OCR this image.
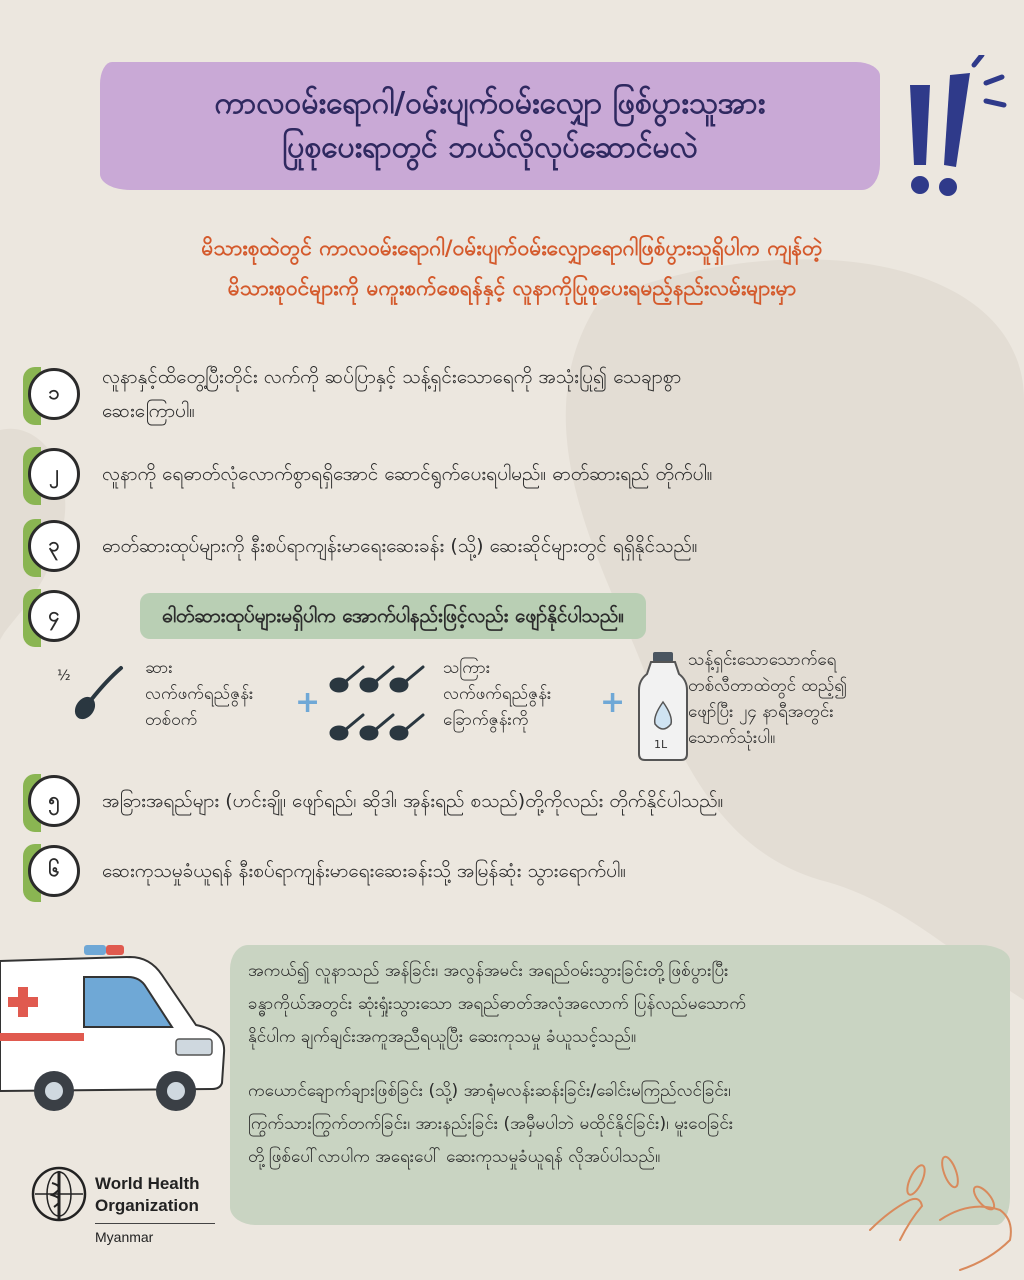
ကာလဝမ်းရောဂါ/ဝမ်းပျက်ဝမ်းလျှော ဖြစ်ပွားသူအား
ပြုစုပေးရာတွင် ဘယ်လိုလုပ်ဆောင်မလဲ

မိသားစုထဲတွင် ကာလဝမ်းရောဂါ/ဝမ်းပျက်ဝမ်းလျှောရောဂါဖြစ်ပွားသူရှိပါက ကျန်တဲ့
မိသားစုဝင်များကို မကူးစက်စေရန်နှင့် လူနာကိုပြုစုပေးရမည့်နည်းလမ်းများမှာ

၁
လူနာနှင့်ထိတွေ့ပြီးတိုင်း လက်ကို ဆပ်ပြာနှင့် သန့်ရှင်းသောရေကို အသုံးပြု၍ သေချာစွာ
ဆေးကြောပါ။
၂	လူနာကို ရေဓာတ်လုံလောက်စွာရရှိအောင် ဆောင်ရွက်ပေးရပါမည်။ ဓာတ်ဆားရည် တိုက်ပါ။
၃	ဓာတ်ဆားထုပ်များကို နီးစပ်ရာကျန်းမာရေးဆေးခန်း (သို့) ဆေးဆိုင်များတွင် ရရှိနိုင်သည်။
၄	ဓါတ်ဆားထုပ်များမရှိပါက အောက်ပါနည်းဖြင့်လည်း ဖျော်နိုင်ပါသည်။
½	ဆား
လက်ဖက်ရည်ဇွန်း
တစ်ဝက်	+
သကြား
လက်ဖက်ရည်ဇွန်း
ခြောက်ဇွန်းကို	+
1L
သန့်ရှင်းသောသောက်ရေ
တစ်လီတာထဲတွင် ထည့်၍
ဖျော်ပြီး ၂၄ နာရီအတွင်း
သောက်သုံးပါ။
၅	အခြားအရည်များ (ဟင်းချို၊ ဖျော်ရည်၊ ဆိုဒါ၊ အုန်းရည် စသည်)တို့ကိုလည်း တိုက်နိုင်ပါသည်။
၆	ဆေးကုသမှုခံယူရန် နီးစပ်ရာကျန်းမာရေးဆေးခန်းသို့ အမြန်ဆုံး သွားရောက်ပါ။

အကယ်၍ လူနာသည် အန်ခြင်း၊ အလွန်အမင်း အရည်ဝမ်းသွားခြင်းတို့ဖြစ်ပွားပြီး
ခန္ဓာကိုယ်အတွင်း ဆုံးရှုံးသွားသော အရည်ဓာတ်အလုံအလောက် ပြန်လည်မသောက်
နိုင်ပါက ချက်ချင်းအကူအညီရယူပြီး ဆေးကုသမှု ခံယူသင့်သည်။

ကယောင်ချောက်ချားဖြစ်ခြင်း (သို့) အာရုံမလန်းဆန်းခြင်း/ခေါင်းမကြည်လင်ခြင်း၊
ကြွက်သားကြွက်တက်ခြင်း၊ အားနည်းခြင်း (အမှီမပါဘဲ မထိုင်နိုင်ခြင်း)၊ မူးဝေခြင်း
တို့ဖြစ်ပေါ်လာပါက အရေးပေါ် ဆေးကုသမှုခံယူရန် လိုအပ်ပါသည်။

World Health
Organization
Myanmar
